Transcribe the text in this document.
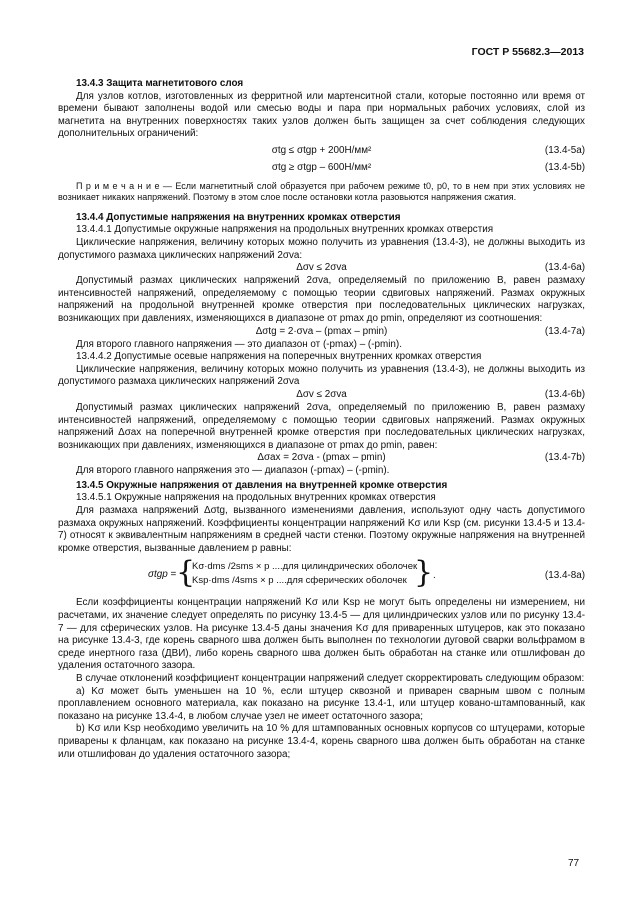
ГОСТ Р 55682.3—2013

13.4.3 Защита магнетитового слоя

Для узлов котлов, изготовленных из ферритной или мартенситной стали, которые постоянно или время от времени бывают заполнены водой или смесью воды и пара при нормальных рабочих условиях, слой из магнетита на внутренних поверхностях таких узлов должен быть защищен за счет соблюдения следующих дополнительных ограничений:

σtg ≤ σtgp + 200Н/мм²	(13.4-5a)
σtg ≥ σtgp – 600Н/мм²	(13.4-5b)

П р и м е ч а н и е — Если магнетитный слой образуется при рабочем режиме t0, p0, то в нем при этих условиях не возникает никаких напряжений. Поэтому в этом слое после остановки котла разовьются напряжения сжатия.

13.4.4 Допустимые напряжения на внутренних кромках отверстия

13.4.4.1 Допустимые окружные напряжения на продольных внутренних кромках отверстия

Циклические напряжения, величину которых можно получить из уравнения (13.4-3), не должны выходить из допустимого размаха циклических напряжений 2σva:

Δσv ≤ 2σva	(13.4-6a)

Допустимый размах циклических напряжений 2σva, определяемый по приложению В, равен размаху интенсивностей напряжений, определяемому с помощью теории сдвиговых напряжений. Размах окружных напряжений на продольной внутренней кромке отверстия при последовательных циклических нагрузках, возникающих при давлениях, изменяющихся в диапазоне от pmax до pmin, определяют из соотношения:

Δσtg = 2·σva – (pmax – pmin)	(13.4-7a)

Для второго главного напряжения — это диапазон от (-pmax) – (-pmin).

13.4.4.2 Допустимые осевые напряжения на поперечных внутренних кромках отверстия

Циклические напряжения, величину которых можно получить из уравнения (13.4-3), не должны выходить из допустимого размаха циклических напряжений 2σva

Δσv ≤ 2σva	(13.4-6b)

Допустимый размах циклических напряжений 2σva, определяемый по приложению В, равен размаху интенсивностей напряжений, определяемому с помощью теории сдвиговых напряжений. Размах окружных напряжений Δσax на поперечной внутренней кромке отверстия при последовательных циклических нагрузках, возникающих при давлениях, изменяющихся в диапазоне от pmax до pmin, равен:

Δσax = 2σva - (pmax – pmin)	(13.4-7b)

Для второго главного напряжения это — диапазон (-pmax) – (-pmin).

13.4.5 Окружные напряжения от давления на внутренней кромке отверстия

13.4.5.1 Окружные напряжения на продольных внутренних кромках отверстия

Для размаха напряжений Δσtg, вызванного изменениями давления, используют одну часть допустимого размаха окружных напряжений. Коэффициенты концентрации напряжений Kσ или Ksp (см. рисунки 13.4-5 и 13.4-7) относят к эквивалентным напряжениям в средней части стенки. Поэтому окружные напряжения на внутренней кромке отверстия, вызванные давлением p равны:

σtgp = {
Kσ·dms /2sms × p ....для цилиндрических оболочек
Ksp·dms /4sms × p ....для сферических оболочек } .	(13.4-8a)

Если коэффициенты концентрации напряжений Kσ или Ksp не могут быть определены ни измерением, ни расчетами, их значение следует определять по рисунку 13.4-5 — для цилиндрических узлов или по рисунку 13.4-7 — для сферических узлов. На рисунке 13.4-5 даны значения Kσ для приваренных штуцеров, как это показано на рисунке 13.4-3, где корень сварного шва должен быть выполнен по технологии дуговой сварки вольфрамом в среде инертного газа (ДВИ), либо корень сварного шва должен быть обработан на станке или отшлифован до удаления остаточного зазора.

В случае отклонений коэффициент концентрации напряжений следует скорректировать следующим образом:

а) Kσ может быть уменьшен на 10 %, если штуцер сквозной и приварен сварным швом с полным проплавлением основного материала, как показано на рисунке 13.4-1, или штуцер ковано-штампованный, как показано на рисунке 13.4-4, в любом случае узел не имеет остаточного зазора;

b) Kσ или Ksp необходимо увеличить на 10 % для штампованных основных корпусов со штуцерами, которые приварены к фланцам, как показано на рисунке 13.4-4, корень сварного шва должен быть обработан на станке или отшлифован до удаления остаточного зазора;

77
